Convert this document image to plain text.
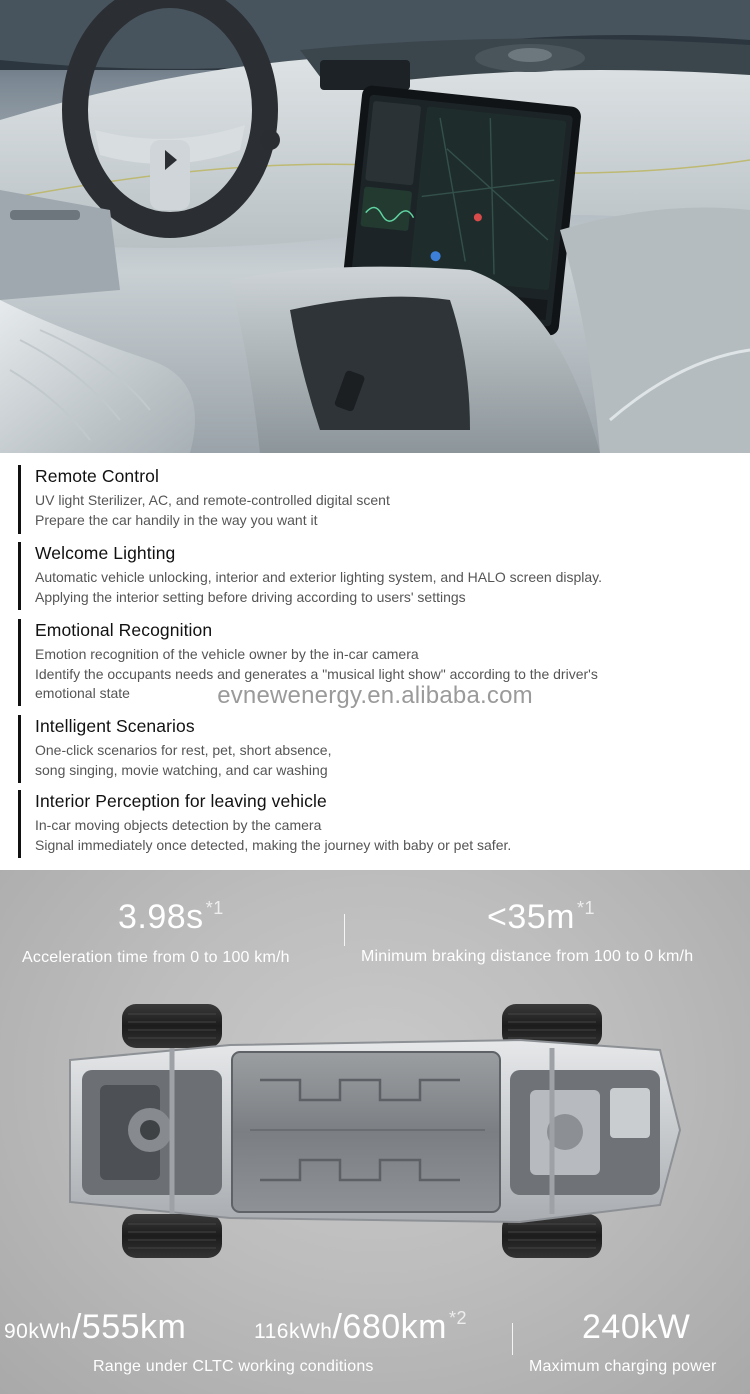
Remote Control
UV light Sterilizer, AC, and remote-controlled digital scent
Prepare the car handily in the way you want it
Welcome Lighting
Automatic vehicle unlocking, interior and exterior lighting system, and HALO screen display.
Applying the interior setting before driving according to users' settings
Emotional Recognition
Emotion recognition of the vehicle owner by the in-car camera
Identify the occupants needs and generates a "musical light show" according to the driver's
emotional state
Intelligent Scenarios
One-click scenarios for rest, pet, short absence,
song singing, movie watching, and car washing
Interior Perception for leaving vehicle
In-car moving objects detection by the camera
Signal immediately once detected, making the journey with baby or pet safer.
evnewenergy.en.alibaba.com
3.98s $^{*1}$
Acceleration time from 0 to 100 km/h
<35m $^{*1}$
Minimum braking distance from 100 to 0 km/h
90kWh/555km	116kWh/680km $^{*2}$
Range under CLTC working conditions
240kW
Maximum charging power
